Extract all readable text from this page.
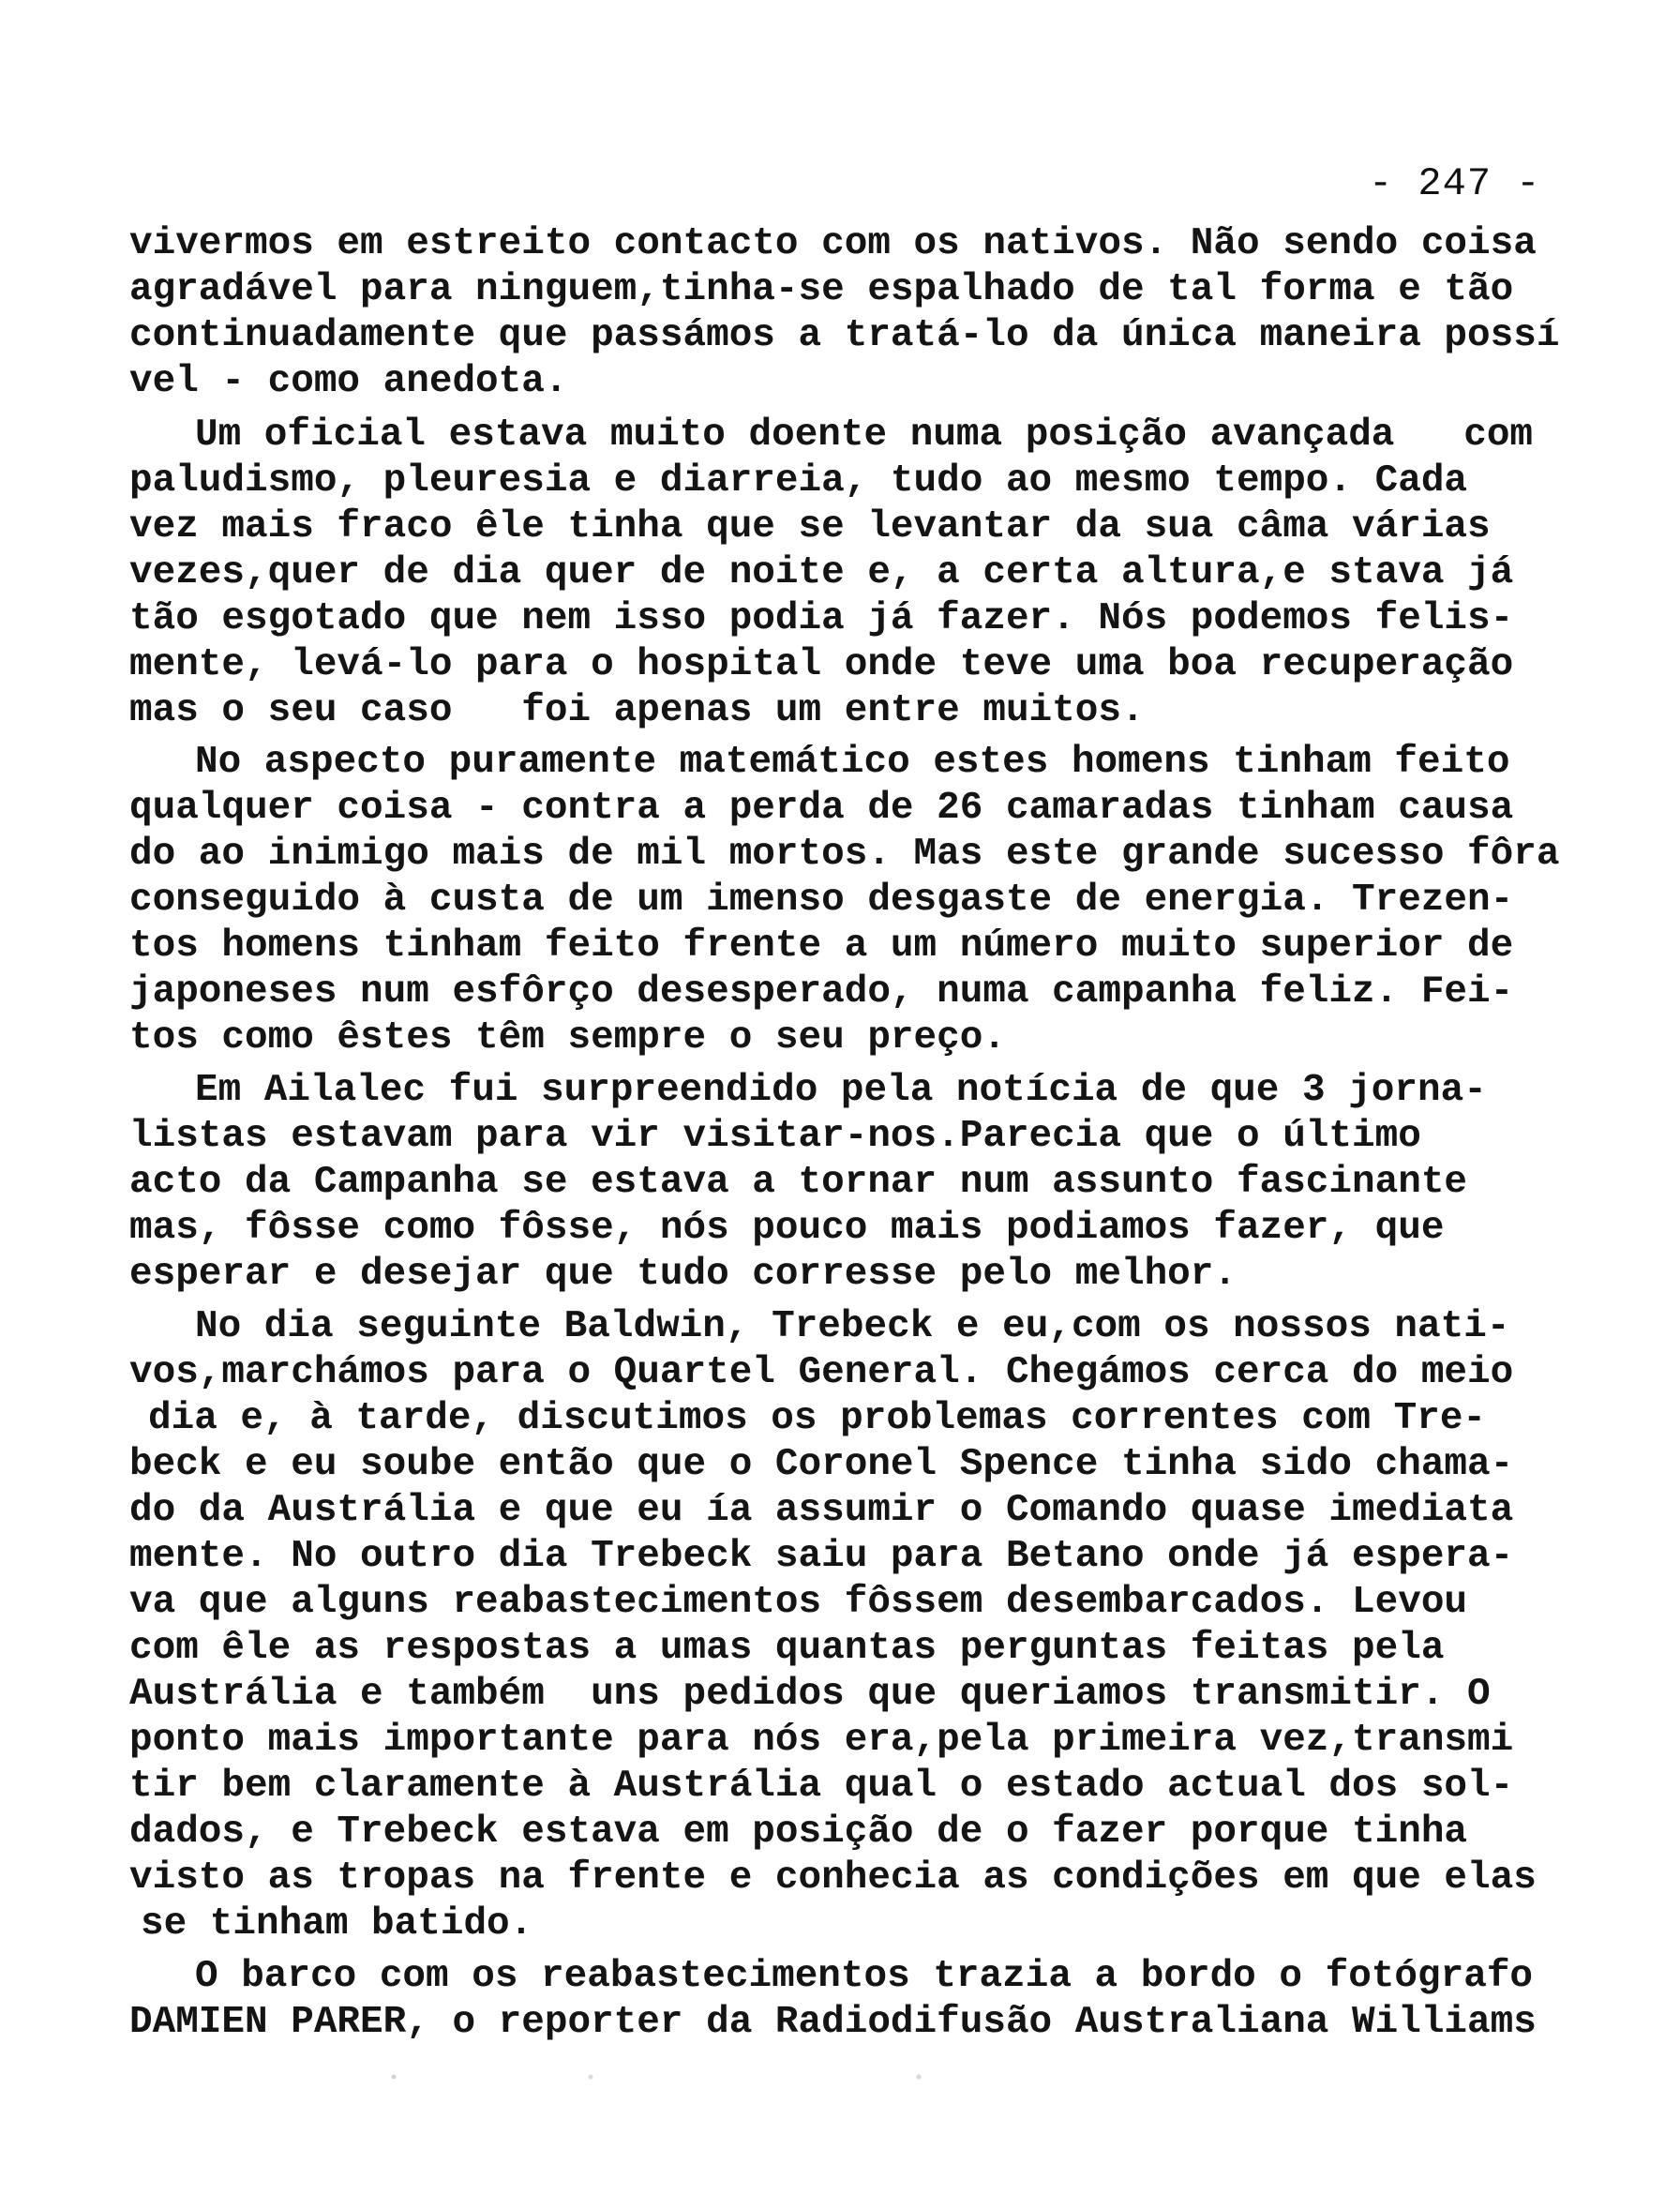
- 247 -
vivermos em estreito contacto com os nativos. Não sendo coisa
agradável para ninguem,tinha-se espalhado de tal forma e tão
continuadamente que passámos a tratá-lo da única maneira possí
vel - como anedota.
Um oficial estava muito doente numa posição avançada   com
paludismo, pleuresia e diarreia, tudo ao mesmo tempo. Cada
vez mais fraco êle tinha que se levantar da sua câma várias
vezes,quer de dia quer de noite e, a certa altura,e stava já
tão esgotado que nem isso podia já fazer. Nós podemos felis-
mente, levá-lo para o hospital onde teve uma boa recuperação
mas o seu caso   foi apenas um entre muitos.
No aspecto puramente matemático estes homens tinham feito
qualquer coisa - contra a perda de 26 camaradas tinham causa
do ao inimigo mais de mil mortos. Mas este grande sucesso fôra
conseguido à custa de um imenso desgaste de energia. Trezen-
tos homens tinham feito frente a um número muito superior de
japoneses num esfôrço desesperado, numa campanha feliz. Fei-
tos como êstes têm sempre o seu preço.
Em Ailalec fui surpreendido pela notícia de que 3 jorna-
listas estavam para vir visitar-nos.Parecia que o último
acto da Campanha se estava a tornar num assunto fascinante
mas, fôsse como fôsse, nós pouco mais podiamos fazer, que
esperar e desejar que tudo corresse pelo melhor.
No dia seguinte Baldwin, Trebeck e eu,com os nossos nati-
vos,marchámos para o Quartel General. Chegámos cerca do meio
dia e, à tarde, discutimos os problemas correntes com Tre-
beck e eu soube então que o Coronel Spence tinha sido chama-
do da Austrália e que eu ía assumir o Comando quase imediata
mente. No outro dia Trebeck saiu para Betano onde já espera-
va que alguns reabastecimentos fôssem desembarcados. Levou
com êle as respostas a umas quantas perguntas feitas pela
Austrália e também  uns pedidos que queriamos transmitir. O
ponto mais importante para nós era,pela primeira vez,transmi
tir bem claramente à Austrália qual o estado actual dos sol-
dados, e Trebeck estava em posição de o fazer porque tinha
visto as tropas na frente e conhecia as condições em que elas
se tinham batido.
O barco com os reabastecimentos trazia a bordo o fotógrafo
DAMIEN PARER, o reporter da Radiodifusão Australiana Williams
